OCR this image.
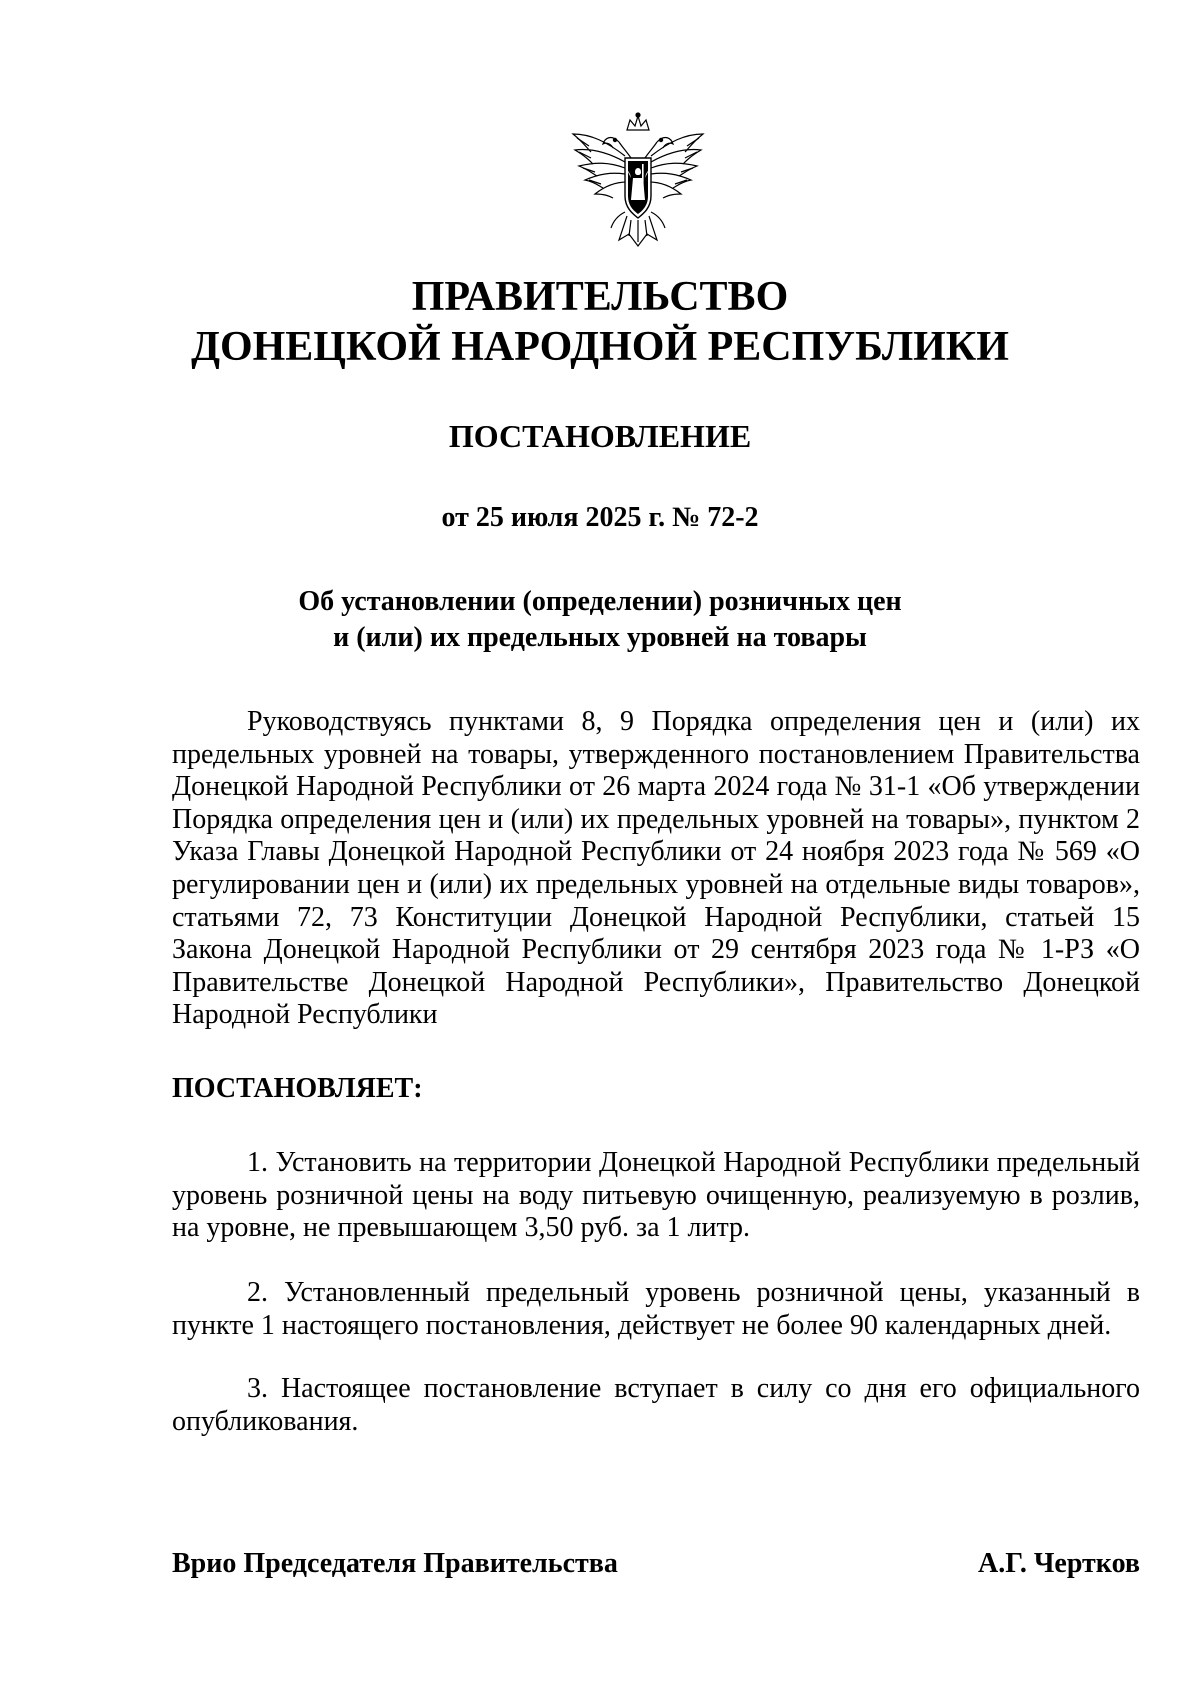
ПРАВИТЕЛЬСТВО
ДОНЕЦКОЙ НАРОДНОЙ РЕСПУБЛИКИ
ПОСТАНОВЛЕНИЕ
от 25 июля 2025 г. № 72-2
Об установлении (определении) розничных цен
и (или) их предельных уровней на товары
Руководствуясь пунктами 8, 9 Порядка определения цен и (или) их предельных уровней на товары, утвержденного постановлением Правительства Донецкой Народной Республики от 26 марта 2024 года № 31-1 «Об утверждении Порядка определения цен и (или) их предельных уровней на товары», пунктом 2 Указа Главы Донецкой Народной Республики от 24 ноября 2023 года № 569 «О регулировании цен и (или) их предельных уровней на отдельные виды товаров», статьями 72, 73 Конституции Донецкой Народной Республики, статьей 15 Закона Донецкой Народной Республики от 29 сентября 2023 года № 1-РЗ «О Правительстве Донецкой Народной Республики», Правительство Донецкой Народной Республики
ПОСТАНОВЛЯЕТ:
1. Установить на территории Донецкой Народной Республики предельный уровень розничной цены на воду питьевую очищенную, реализуемую в розлив, на уровне, не превышающем 3,50 руб. за 1 литр.
2. Установленный предельный уровень розничной цены, указанный в пункте 1 настоящего постановления, действует не более 90 календарных дней.
3. Настоящее постановление вступает в силу со дня его официального опубликования.
Врио Председателя Правительства	А.Г. Чертков
